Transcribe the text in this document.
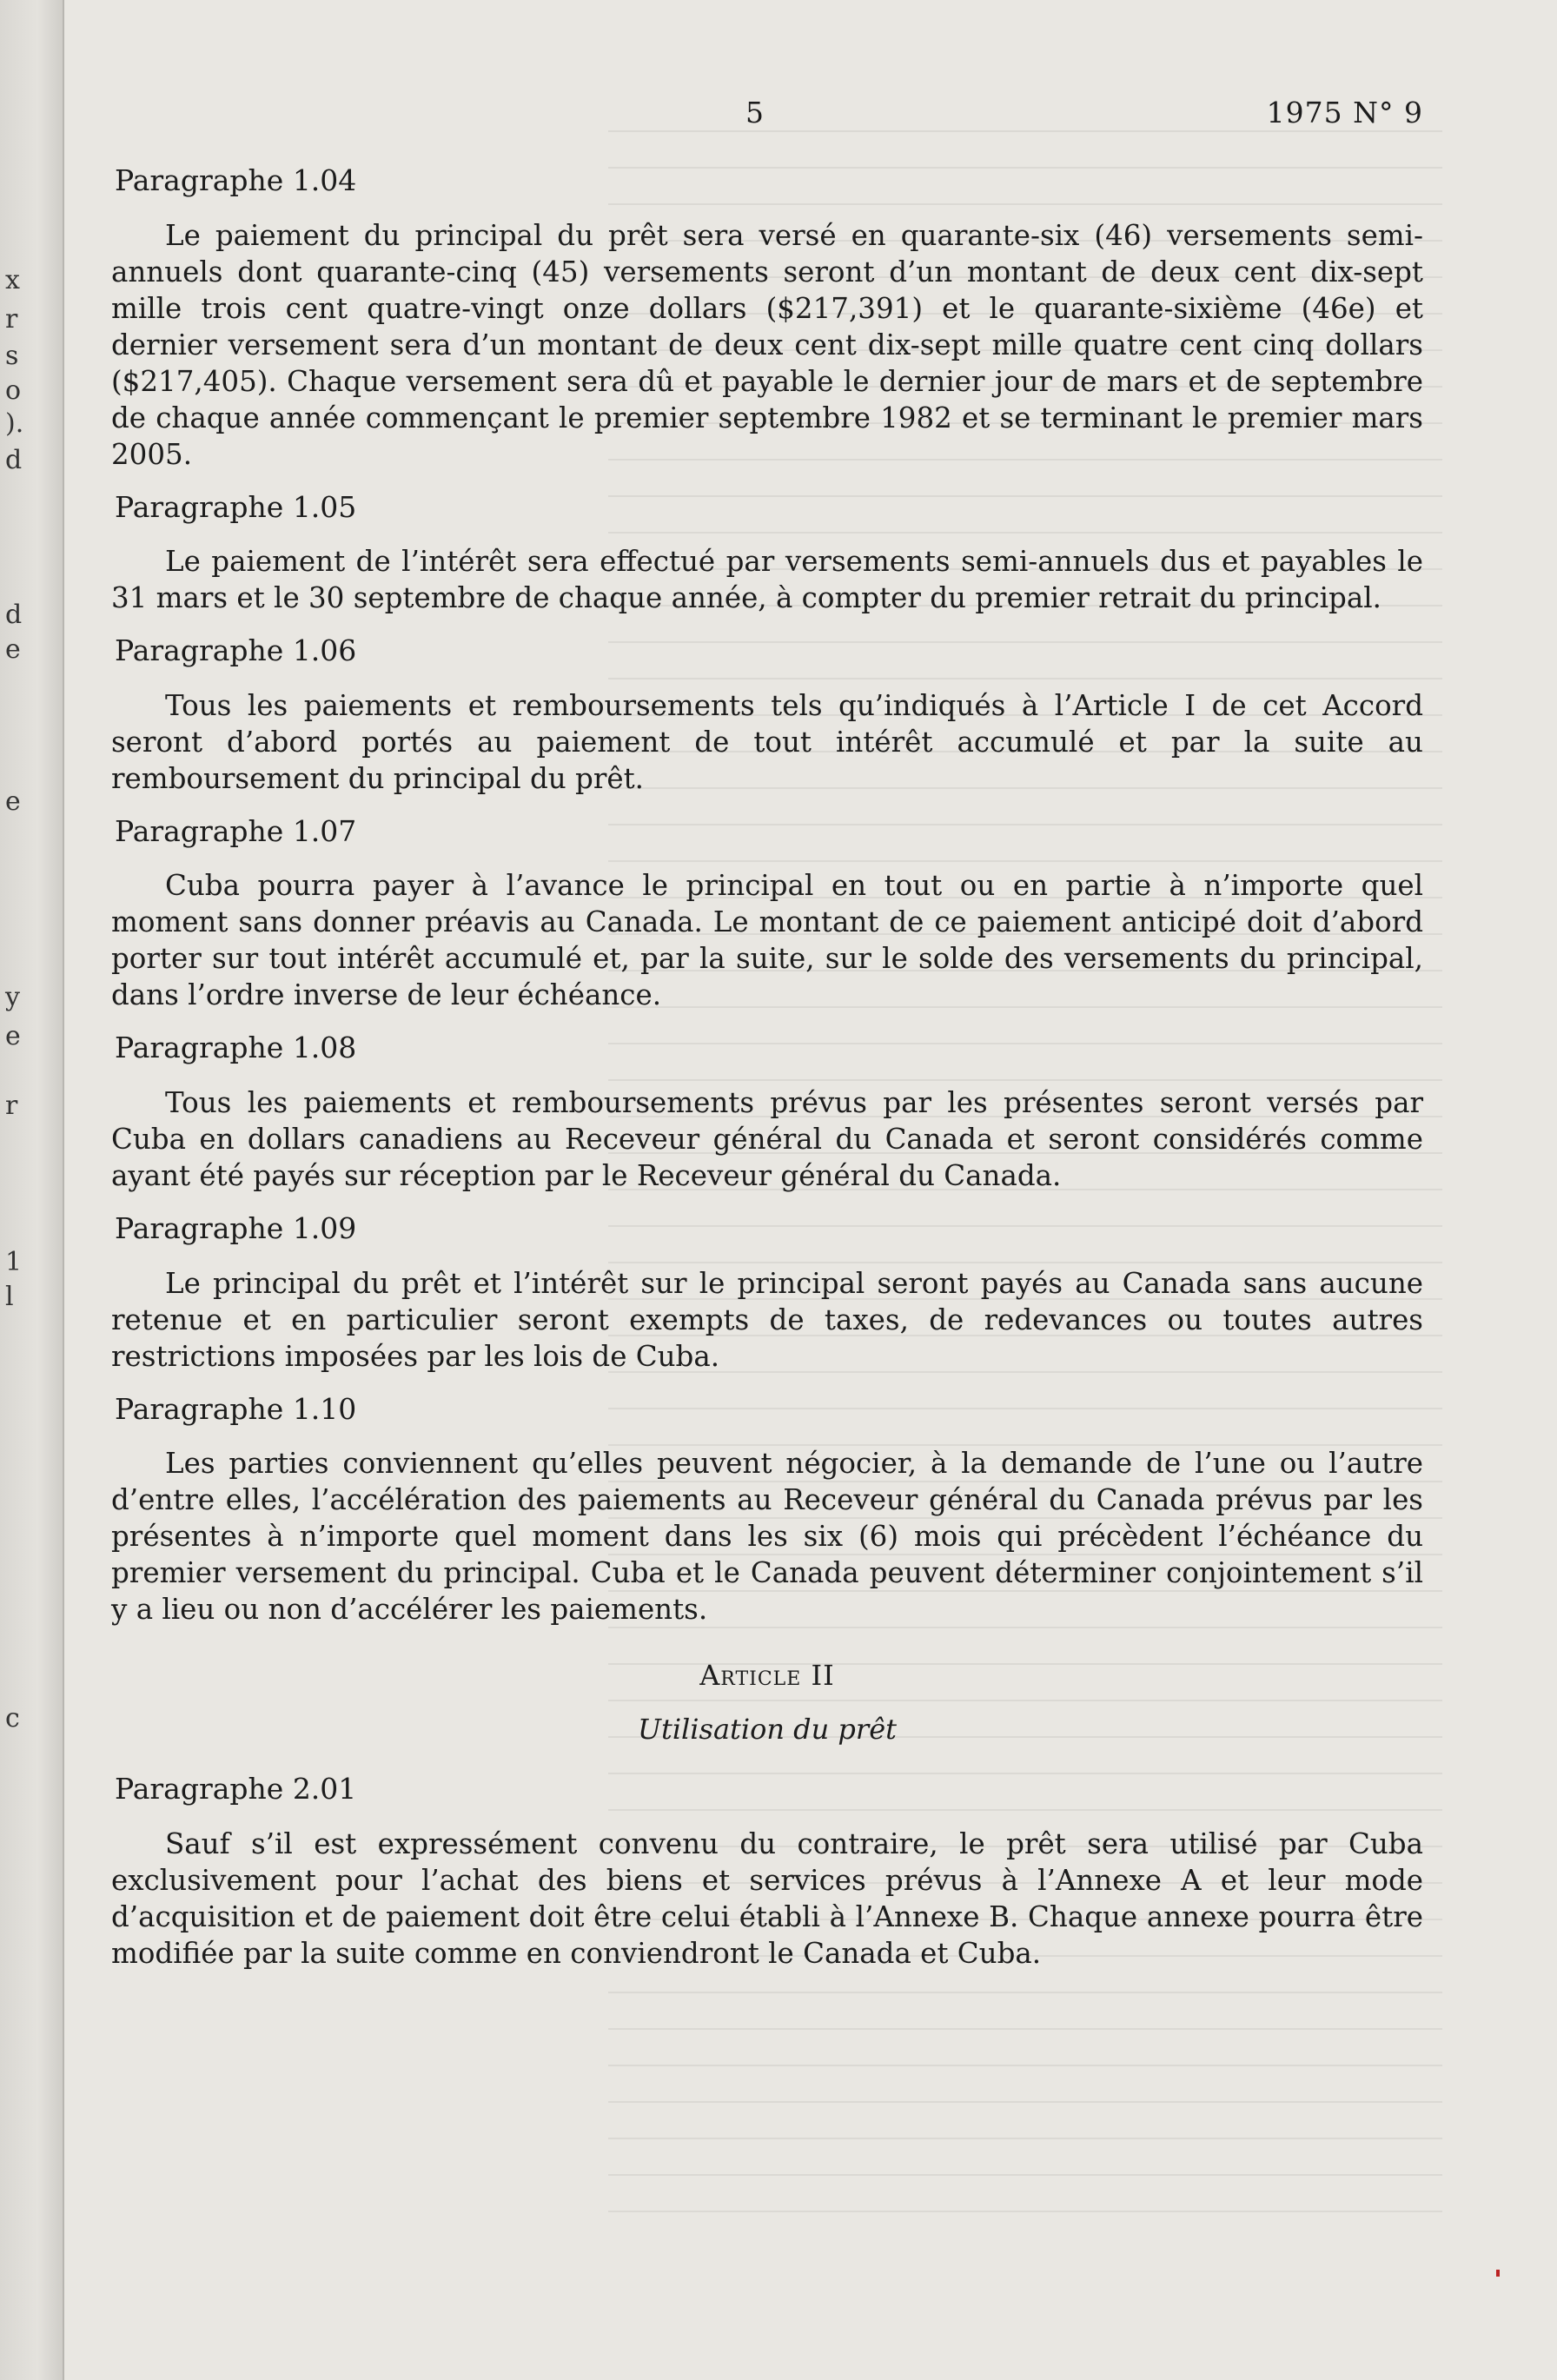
x
r
s
o
).
d
d
e
e
y
e
r
1
l
c
5	1975 N° 9

Paragraphe 1.04

Le paiement du principal du prêt sera versé en quarante-six (46) versements semi-annuels dont quarante-cinq (45) versements seront d’un montant de deux cent dix-sept mille trois cent quatre-vingt onze dollars ($217,391) et le quarante-sixième (46e) et dernier versement sera d’un montant de deux cent dix-sept mille quatre cent cinq dollars ($217,405). Chaque versement sera dû et payable le dernier jour de mars et de septembre de chaque année commençant le premier septembre 1982 et se terminant le premier mars 2005.

Paragraphe 1.05

Le paiement de l’intérêt sera effectué par versements semi-annuels dus et payables le 31 mars et le 30 septembre de chaque année, à compter du premier retrait du principal.

Paragraphe 1.06

Tous les paiements et remboursements tels qu’indiqués à l’Article I de cet Accord seront d’abord portés au paiement de tout intérêt accumulé et par la suite au remboursement du principal du prêt.

Paragraphe 1.07

Cuba pourra payer à l’avance le principal en tout ou en partie à n’importe quel moment sans donner préavis au Canada. Le montant de ce paiement anticipé doit d’abord porter sur tout intérêt accumulé et, par la suite, sur le solde des versements du principal, dans l’ordre inverse de leur échéance.

Paragraphe 1.08

Tous les paiements et remboursements prévus par les présentes seront versés par Cuba en dollars canadiens au Receveur général du Canada et seront considérés comme ayant été payés sur réception par le Receveur général du Canada.

Paragraphe 1.09

Le principal du prêt et l’intérêt sur le principal seront payés au Canada sans aucune retenue et en particulier seront exempts de taxes, de redevances ou toutes autres restrictions imposées par les lois de Cuba.

Paragraphe 1.10

Les parties conviennent qu’elles peuvent négocier, à la demande de l’une ou l’autre d’entre elles, l’accélération des paiements au Receveur général du Canada prévus par les présentes à n’importe quel moment dans les six (6) mois qui précèdent l’échéance du premier versement du principal. Cuba et le Canada peuvent déterminer conjointement s’il y a lieu ou non d’accélérer les paiements.

Article II

Utilisation du prêt

Paragraphe 2.01

Sauf s’il est expressément convenu du contraire, le prêt sera utilisé par Cuba exclusivement pour l’achat des biens et services prévus à l’Annexe A et leur mode d’acquisition et de paiement doit être celui établi à l’Annexe B. Chaque annexe pourra être modifiée par la suite comme en conviendront le Canada et Cuba.
